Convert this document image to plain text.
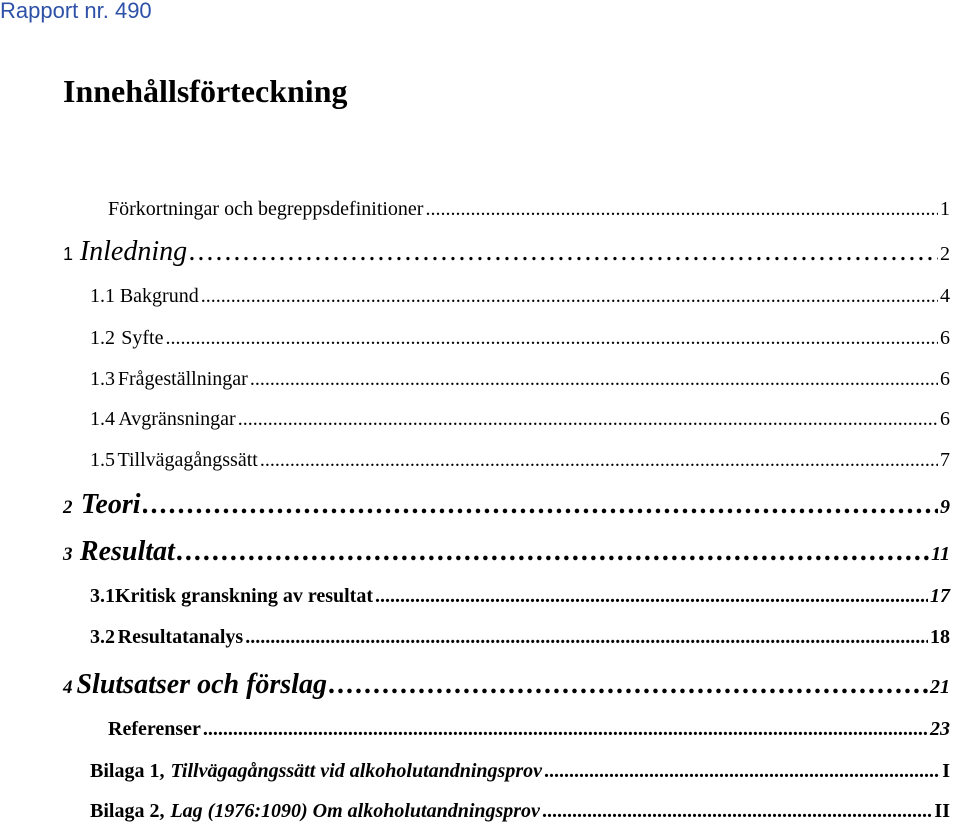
Rapport nr. 490
Innehållsförteckning
Förkortningar och begreppsdefinitioner . . .	1
1 Inledning . . .	2
1.1 Bakgrund . . .	4
1.2 Syfte . . .	6
1.3 Frågeställningar . . .	6
1.4 Avgränsningar . . .	6
1.5 Tillvägagångssätt . . .	7
2 Teori . . .	9
3 Resultat . . .	11
3.1 Kritisk granskning av resultat . . .	17
3.2 Resultatanalys . . .	18
4 Slutsatser och förslag . . .	21
Referenser . . .	23
Bilaga 1, Tillvägagångssätt vid alkoholutandningsprov . . .	I
Bilaga 2, Lag (1976:1090) Om alkoholutandningsprov . . .	II
